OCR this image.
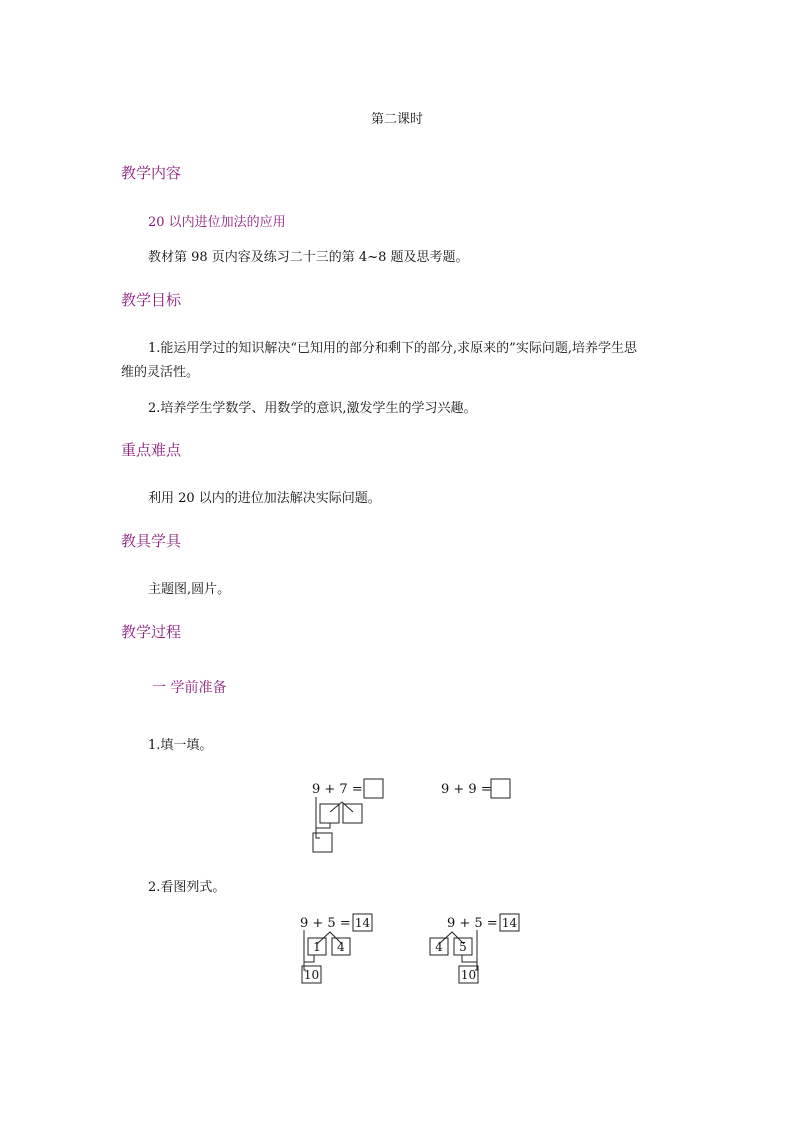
第二课时
教学内容
20 以内进位加法的应用
教材第 98 页内容及练习二十三的第 4~8 题及思考题。
教学目标
1.能运用学过的知识解决“已知用的部分和剩下的部分,求原来的”实际问题,培养学生思
维的灵活性。
2.培养学生学数学、用数学的意识,激发学生的学习兴趣。
重点难点
利用 20 以内的进位加法解决实际问题。
教具学具
主题图,圆片。
教学过程
一 学前准备
1.填一填。
9 + 7 =	9 + 9 =
2.看图列式。
9 + 5 = 14
1 4
10
9 + 5 = 14
4 5
10
